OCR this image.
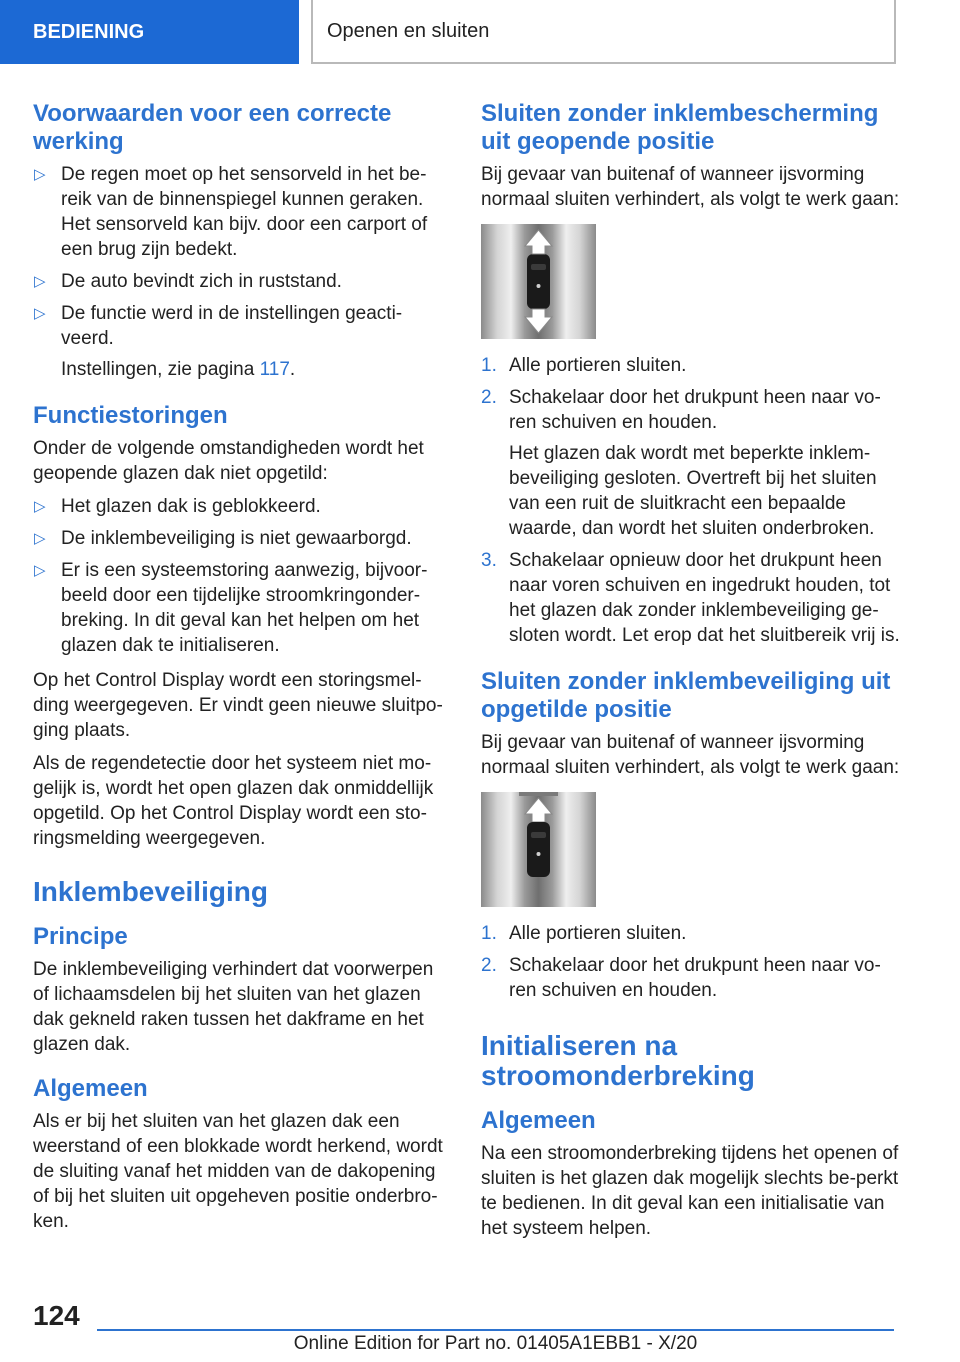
BEDIENING	Openen en sluiten
Voorwaarden voor een correcte werking
▷ De regen moet op het sensorveld in het be-reik van de binnenspiegel kunnen geraken. Het sensorveld kan bijv. door een carport of een brug zijn bedekt.
▷ De auto bevindt zich in ruststand.
▷ De functie werd in de instellingen geacti-veerd.
Instellingen, zie pagina 117.
Functiestoringen

Onder de volgende omstandigheden wordt het geopende glazen dak niet opgetild:

▷ Het glazen dak is geblokkeerd.
▷ De inklembeveiliging is niet gewaarborgd.
▷ Er is een systeemstoring aanwezig, bijvoor-beeld door een tijdelijke stroomkringonder-breking. In dit geval kan het helpen om het glazen dak te initialiseren.

Op het Control Display wordt een storingsmel-ding weergegeven. Er vindt geen nieuwe sluitpo-ging plaats.

Als de regendetectie door het systeem niet mo-gelijk is, wordt het open glazen dak onmiddellijk opgetild. Op het Control Display wordt een sto-ringsmelding weergegeven.

Inklembeveiliging
Principe

De inklembeveiliging verhindert dat voorwerpen of lichaamsdelen bij het sluiten van het glazen dak gekneld raken tussen het dakframe en het glazen dak.

Algemeen

Als er bij het sluiten van het glazen dak een weerstand of een blokkade wordt herkend, wordt de sluiting vanaf het midden van de dakopening of bij het sluiten uit opgeheven positie onderbro-ken.

Sluiten zonder inklembescherming uit geopende positie

Bij gevaar van buitenaf of wanneer ijsvorming normaal sluiten verhindert, als volgt te werk gaan:

1. Alle portieren sluiten.
2. Schakelaar door het drukpunt heen naar vo-ren schuiven en houden.
Het glazen dak wordt met beperkte inklem-beveiliging gesloten. Overtreft bij het sluiten van een ruit de sluitkracht een bepaalde waarde, dan wordt het sluiten onderbroken.
3. Schakelaar opnieuw door het drukpunt heen naar voren schuiven en ingedrukt houden, tot het glazen dak zonder inklembeveiliging ge-sloten wordt. Let erop dat het sluitbereik vrij is.
Sluiten zonder inklembeveiliging uit opgetilde positie

Bij gevaar van buitenaf of wanneer ijsvorming normaal sluiten verhindert, als volgt te werk gaan:

1. Alle portieren sluiten.
2. Schakelaar door het drukpunt heen naar vo-ren schuiven en houden.
Initialiseren na stroomonderbreking
Algemeen

Na een stroomonderbreking tijdens het openen of sluiten is het glazen dak mogelijk slechts be-perkt te bedienen. In dit geval kan een initialisatie van het systeem helpen.

124
Online Edition for Part no. 01405A1EBB1 - X/20
